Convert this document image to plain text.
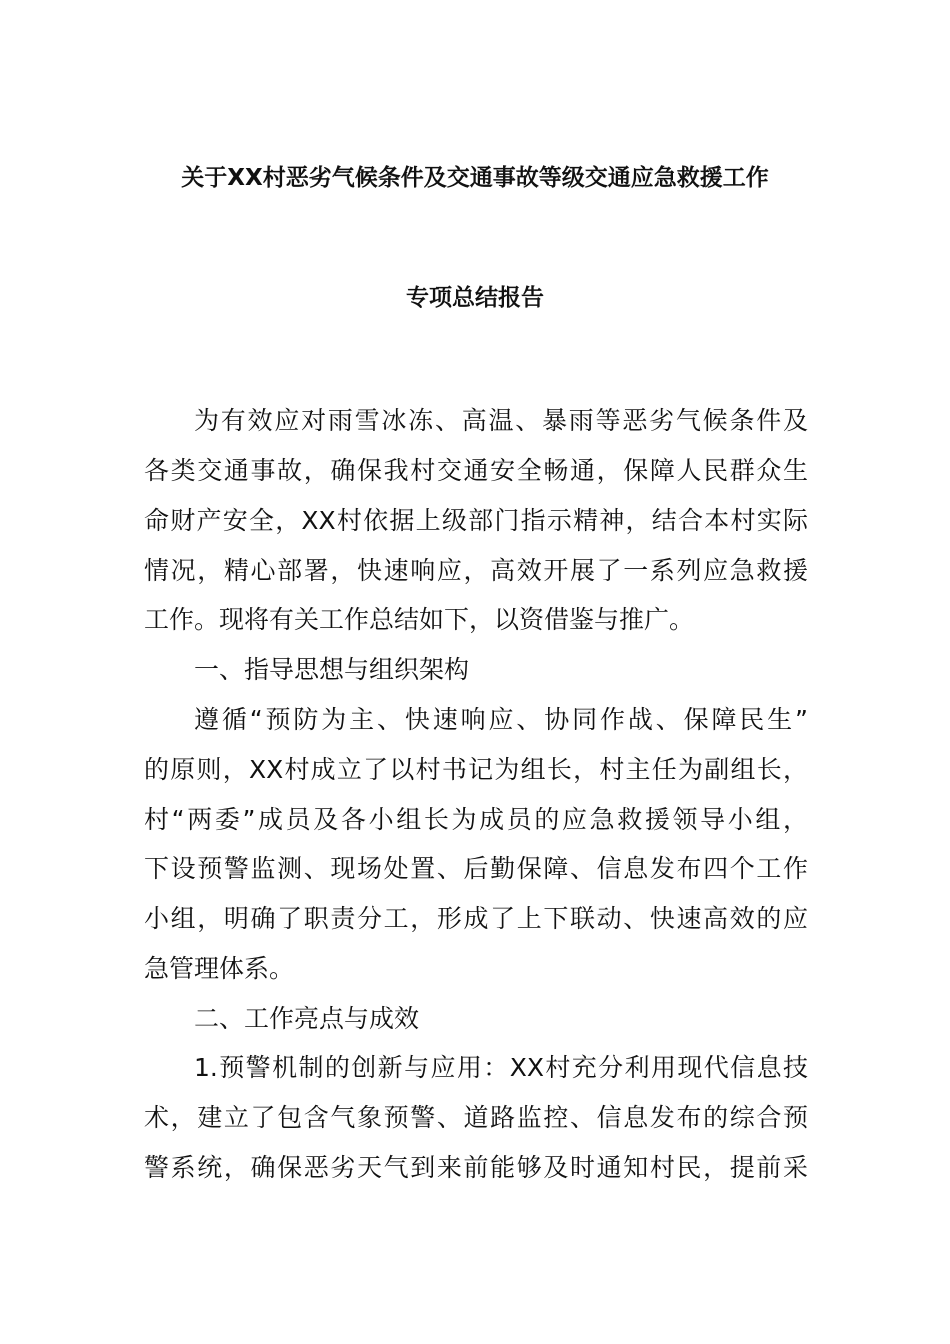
关于XX村恶劣气候条件及交通事故等级交通应急救援工作
专项总结报告
为有效应对雨雪冰冻、高温、暴雨等恶劣气候条件及
各类交通事故，确保我村交通安全畅通，保障人民群众生
命财产安全，XX村依据上级部门指示精神，结合本村实际
情况，精心部署，快速响应，高效开展了一系列应急救援
工作。现将有关工作总结如下，以资借鉴与推广。
一、指导思想与组织架构
遵循“预防为主、快速响应、协同作战、保障民生”
的原则，XX村成立了以村书记为组长，村主任为副组长，
村“两委”成员及各小组长为成员的应急救援领导小组，
下设预警监测、现场处置、后勤保障、信息发布四个工作
小组，明确了职责分工，形成了上下联动、快速高效的应
急管理体系。
二、工作亮点与成效
1.预警机制的创新与应用：XX村充分利用现代信息技
术，建立了包含气象预警、道路监控、信息发布的综合预
警系统，确保恶劣天气到来前能够及时通知村民，提前采
